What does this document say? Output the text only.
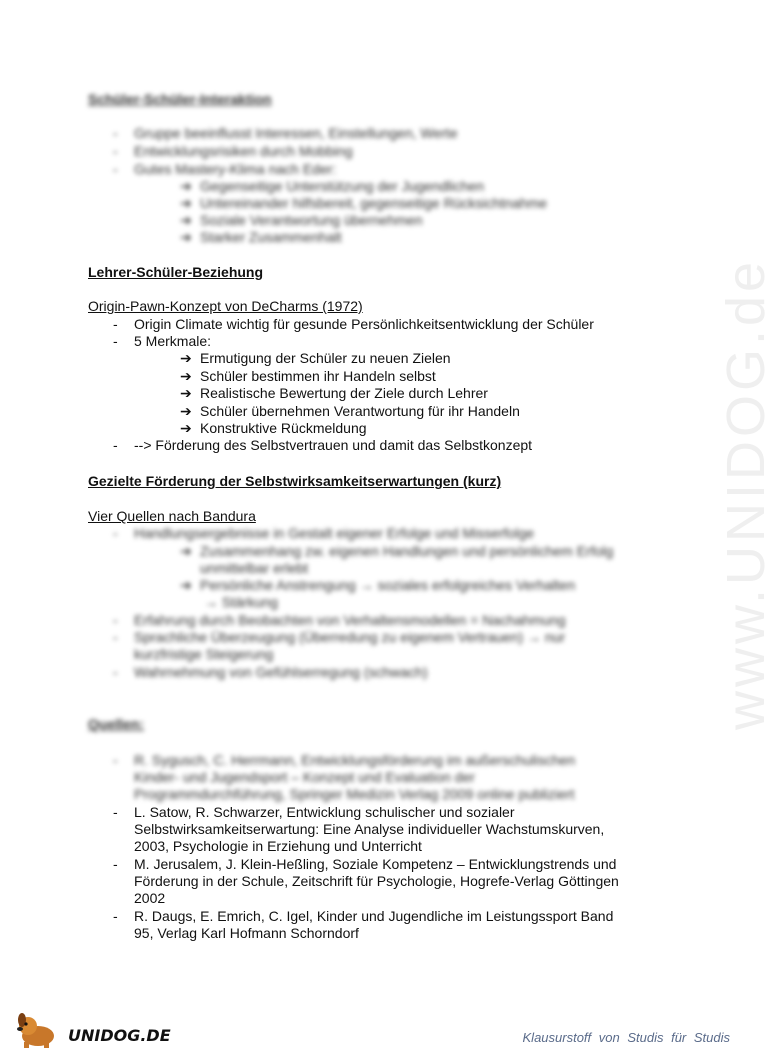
www.UNIDOG.de
Schüler-Schüler-Interaktion
- Gruppe beeinflusst Interessen, Einstellungen, Werte
- Entwicklungsrisiken durch Mobbing
- Gutes Mastery-Klima nach Eder:
➔ Gegenseitige Unterstützung der Jugendlichen
➔ Untereinander hilfsbereit, gegenseitige Rücksichtnahme
➔ Soziale Verantwortung übernehmen
➔ Starker Zusammenhalt
Lehrer-Schüler-Beziehung
Origin-Pawn-Konzept von DeCharms (1972)
- Origin Climate wichtig für gesunde Persönlichkeitsentwicklung der Schüler
- 5 Merkmale:
➔ Ermutigung der Schüler zu neuen Zielen
➔ Schüler bestimmen ihr Handeln selbst
➔ Realistische Bewertung der Ziele durch Lehrer
➔ Schüler übernehmen Verantwortung für ihr Handeln
➔ Konstruktive Rückmeldung
- --> Förderung des Selbstvertrauen und damit das Selbstkonzept
Gezielte Förderung der Selbstwirksamkeitserwartungen (kurz)
Vier Quellen nach Bandura
- Handlungsergebnisse in Gestalt eigener Erfolge und Misserfolge
➔ Zusammenhang zw. eigenen Handlungen und persönlichem Erfolg
unmittelbar erlebt
➔ Persönliche Anstrengung → soziales erfolgreiches Verhalten
→ Stärkung
- Erfahrung durch Beobachten von Verhaltensmodellen = Nachahmung
- Sprachliche Überzeugung (Überredung zu eigenem Vertrauen) → nur
kurzfristige Steigerung
- Wahrnehmung von Gefühlserregung (schwach)
Quellen:
- R. Sygusch, C. Herrmann, Entwicklungsförderung im außerschulischen
Kinder- und Jugendsport – Konzept und Evaluation der
Programmdurchführung, Springer Medizin Verlag 2009 online publiziert
- L. Satow, R. Schwarzer, Entwicklung schulischer und sozialer
Selbstwirksamkeitserwartung: Eine Analyse individueller Wachstumskurven,
2003, Psychologie in Erziehung und Unterricht
- M. Jerusalem, J. Klein-Heßling, Soziale Kompetenz – Entwicklungstrends und
Förderung in der Schule, Zeitschrift für Psychologie, Hogrefe-Verlag Göttingen
2002
- R. Daugs, E. Emrich, C. Igel, Kinder und Jugendliche im Leistungssport Band
95, Verlag Karl Hofmann Schorndorf
UNIDOG.DE	Klausurstoff von Studis für Studis
